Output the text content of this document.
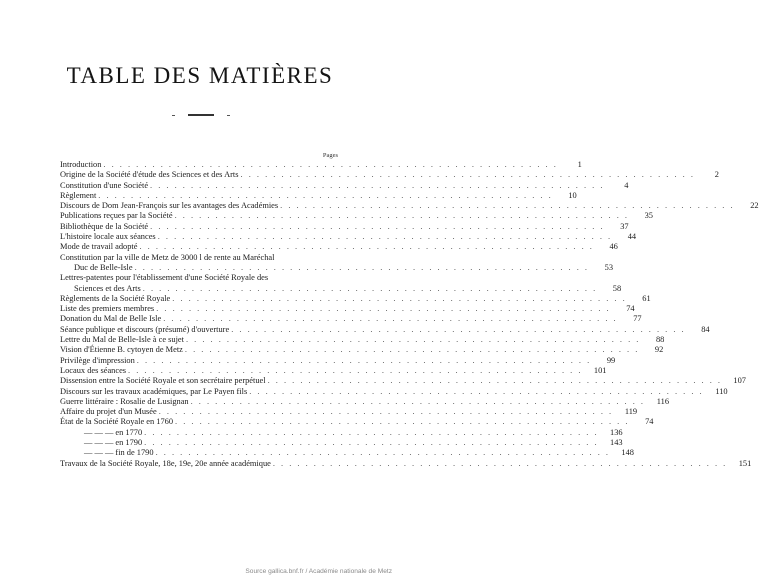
TABLE DES MATIÈRES
Pages
Introduction . . .	1
Origine de la Société d'étude des Sciences et des Arts . . .	2
Constitution d'une Société . . .	4
Règlement . . .	10
Discours de Dom Jean-François sur les avantages des Académies . . .	22
Publications reçues par la Société . . .	35
Bibliothèque de la Société . . .	37
L'histoire locale aux séances . . .	44
Mode de travail adopté . . .	46
Constitution par la ville de Metz de 3000 l de rente au Maréchal
Duc de Belle-Isle . . .	53
Lettres-patentes pour l'établissement d'une Société Royale des
Sciences et des Arts . . .	58
Règlements de la Société Royale . . .	61
Liste des premiers membres . . .	74
Donation du Mal de Belle Isle . . .	77
Séance publique et discours (présumé) d'ouverture . . .	84
Lettre du Mal de Belle-Isle à ce sujet . . .	88
Vision d'Étienne B. cytoyen de Metz . . .	92
Privilège d'impression . . .	99
Locaux des séances . . .	101
Dissension entre la Société Royale et son secrétaire perpétuel . . .	107
Discours sur les travaux académiques, par Le Payen fils . . .	110
Guerre littéraire : Rosalie de Lusignan . . .	116
Affaire du projet d'un Musée . . .	119
État de la Société Royale en 1760 . . .	74
— — — en 1770 . . .	136
— — — en 1790 . . .	143
— — — fin de 1790 . . .	148
Travaux de la Société Royale, 18e, 19e, 20e année académique . . .	151
Source gallica.bnf.fr / Académie nationale de Metz
